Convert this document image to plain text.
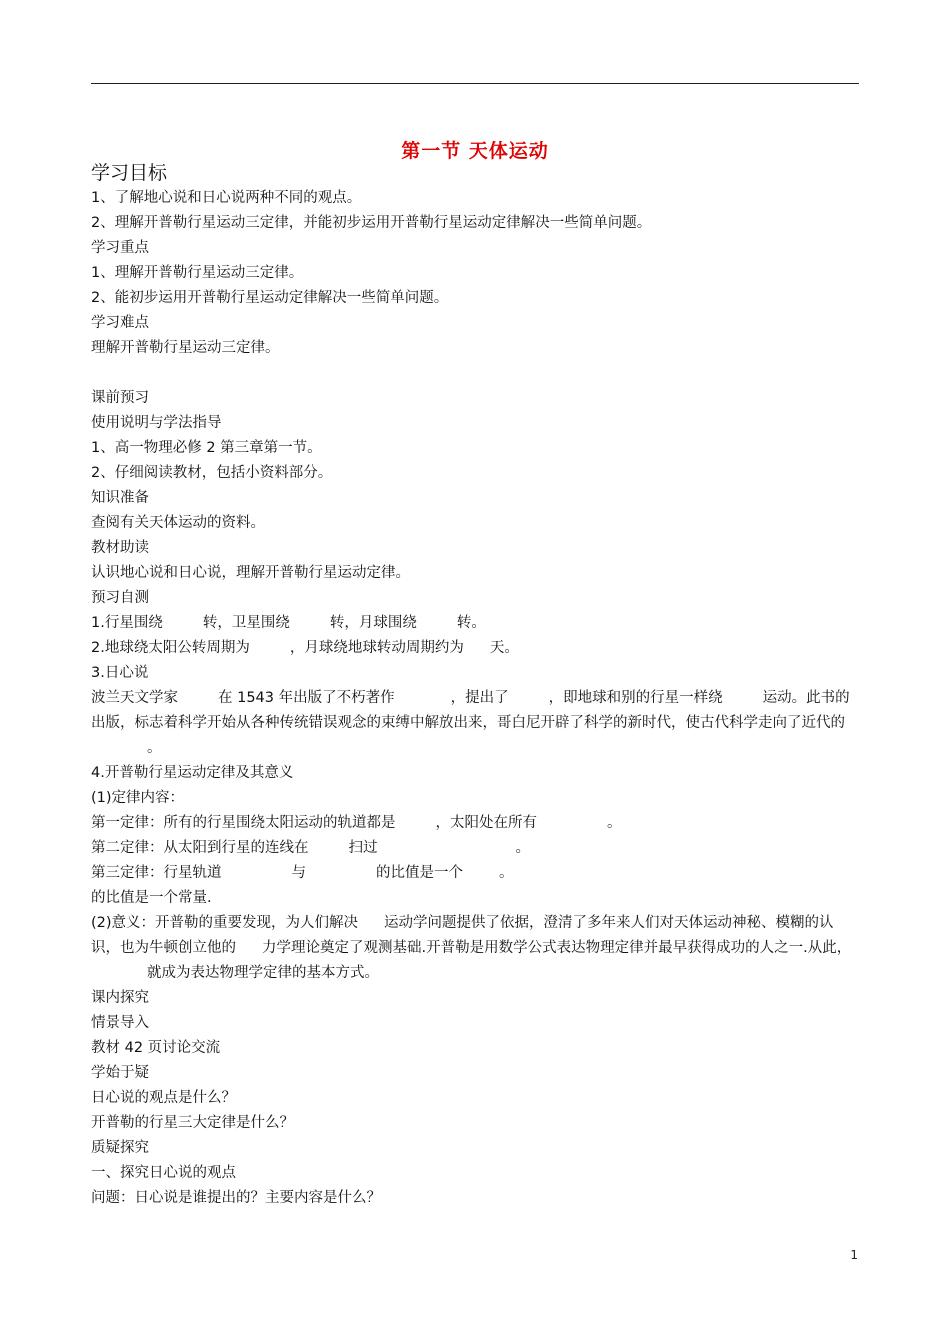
第一节 天体运动

学习目标

1、了解地心说和日心说两种不同的观点。

2、理解开普勒行星运动三定律，并能初步运用开普勒行星运动定律解决一些简单问题。

学习重点

1、理解开普勒行星运动三定律。

2、能初步运用开普勒行星运动定律解决一些简单问题。

学习难点

理解开普勒行星运动三定律。

课前预习

使用说明与学法指导

1、高一物理必修 2 第三章第一节。

2、仔细阅读教材，包括小资料部分。

知识准备

查阅有关天体运动的资料。

教材助读

认识地心说和日心说，理解开普勒行星运动定律。

预习自测

1.行星围绕	转，卫星围绕	转，月球围绕	转。

2.地球绕太阳公转周期为	，月球绕地球转动周期约为 天。

3.日心说

波兰天文学家	在 1543 年出版了不朽著作	，提出了	，即地球和别的行星一样绕	运动。此书的出版，标志着科学开始从各种传统错误观念的束缚中解放出来，哥白尼开辟了科学的新时代，使古代科学走向了近代的。

4.开普勒行星运动定律及其意义

(1)定律内容：

第一定律：所有的行星围绕太阳运动的轨道都是	，太阳处在所有	。

第二定律：从太阳到行星的连线在	扫过	。

第三定律：行星轨道	与	的比值是一个 。

的比值是一个常量.

(2)意义：开普勒的重要发现，为人们解决 运动学问题提供了依据，澄清了多年来人们对天体运动神秘、模糊的认识，也为牛顿创立他的 力学理论奠定了观测基础.开普勒是用数学公式表达物理定律并最早获得成功的人之一.从此，就成为表达物理学定律的基本方式。

课内探究

情景导入

教材 42 页讨论交流

学始于疑

日心说的观点是什么？

开普勒的行星三大定律是什么？

质疑探究

一、探究日心说的观点

问题：日心说是谁提出的？主要内容是什么？

1
